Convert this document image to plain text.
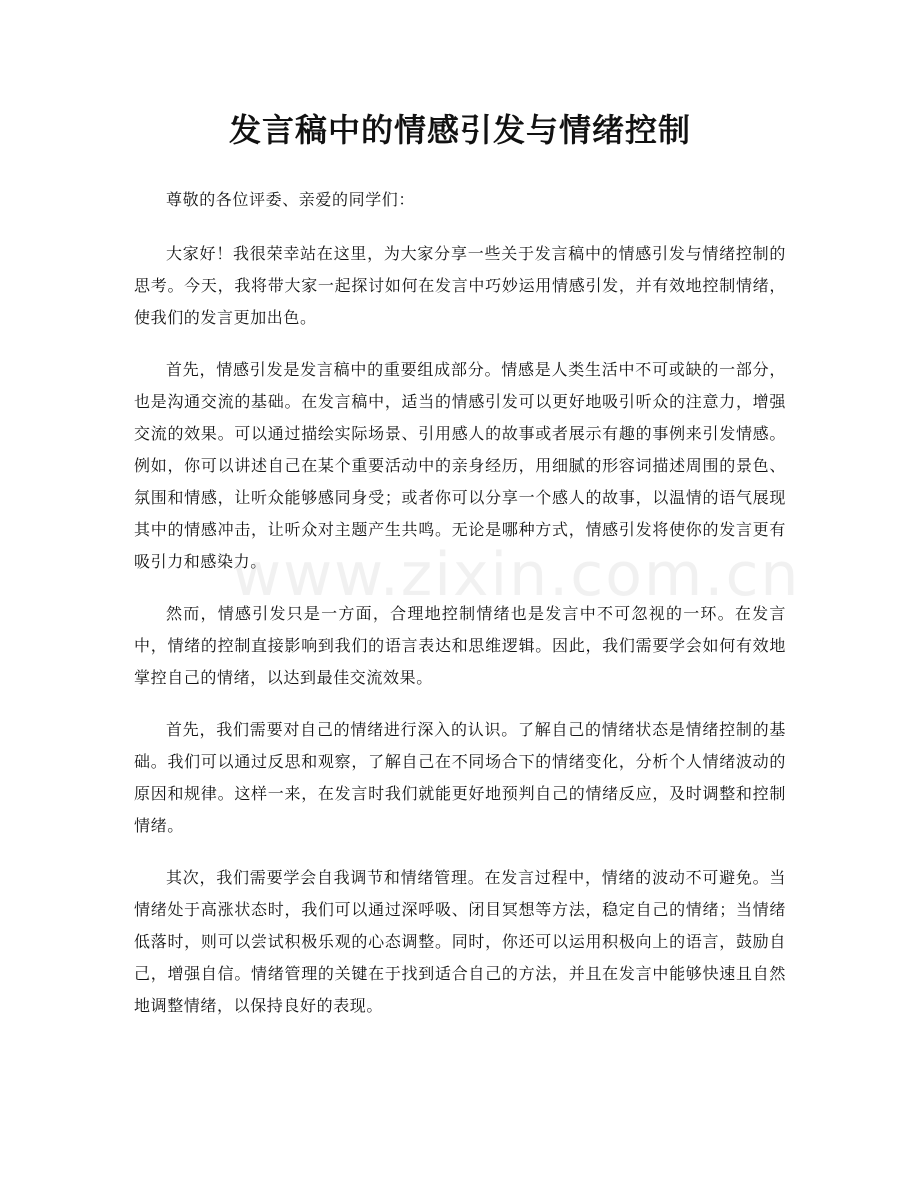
发言稿中的情感引发与情绪控制

尊敬的各位评委、亲爱的同学们：

大家好！我很荣幸站在这里，为大家分享一些关于发言稿中的情感引发与情绪控制的思考。今天，我将带大家一起探讨如何在发言中巧妙运用情感引发，并有效地控制情绪，使我们的发言更加出色。

首先，情感引发是发言稿中的重要组成部分。情感是人类生活中不可或缺的一部分，也是沟通交流的基础。在发言稿中，适当的情感引发可以更好地吸引听众的注意力，增强交流的效果。可以通过描绘实际场景、引用感人的故事或者展示有趣的事例来引发情感。例如，你可以讲述自己在某个重要活动中的亲身经历，用细腻的形容词描述周围的景色、氛围和情感，让听众能够感同身受；或者你可以分享一个感人的故事，以温情的语气展现其中的情感冲击，让听众对主题产生共鸣。无论是哪种方式，情感引发将使你的发言更有吸引力和感染力。

然而，情感引发只是一方面，合理地控制情绪也是发言中不可忽视的一环。在发言中，情绪的控制直接影响到我们的语言表达和思维逻辑。因此，我们需要学会如何有效地掌控自己的情绪，以达到最佳交流效果。

首先，我们需要对自己的情绪进行深入的认识。了解自己的情绪状态是情绪控制的基础。我们可以通过反思和观察，了解自己在不同场合下的情绪变化，分析个人情绪波动的原因和规律。这样一来，在发言时我们就能更好地预判自己的情绪反应，及时调整和控制情绪。

其次，我们需要学会自我调节和情绪管理。在发言过程中，情绪的波动不可避免。当情绪处于高涨状态时，我们可以通过深呼吸、闭目冥想等方法，稳定自己的情绪；当情绪低落时，则可以尝试积极乐观的心态调整。同时，你还可以运用积极向上的语言，鼓励自己，增强自信。情绪管理的关键在于找到适合自己的方法，并且在发言中能够快速且自然地调整情绪，以保持良好的表现。

www.zixin.com.cn
